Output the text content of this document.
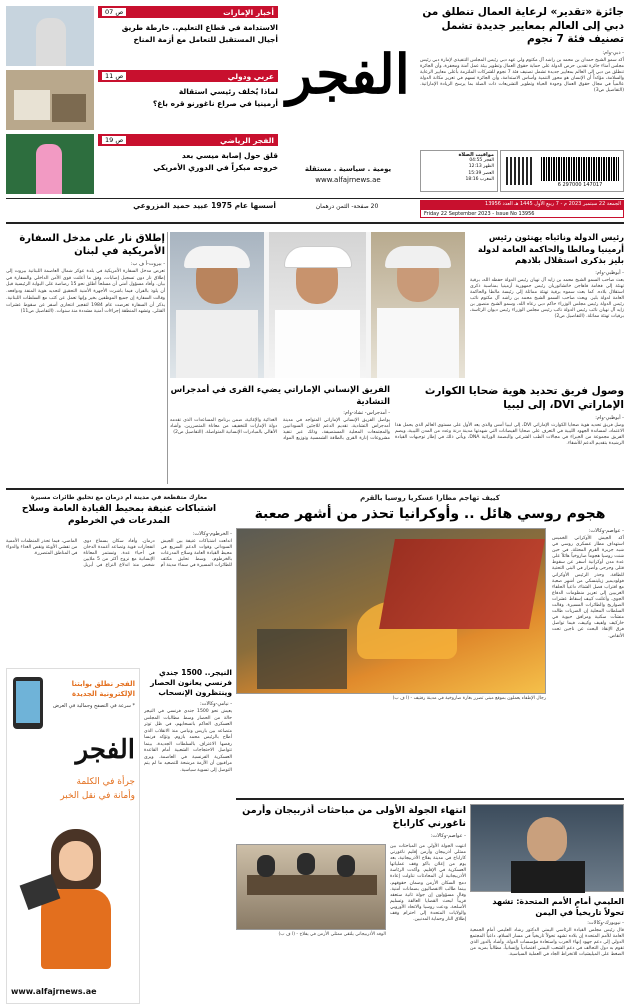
جائزة «تقدير» لرعاية العمال تنطلق من دبي إلى العالم بمعايير جديدة تشمل تصنيف فئة 7 نجوم
- دبي-وام:
أكد سمو الشيخ حمدان بن محمد بن راشد آل مكتوم ولي عهد دبي رئيس المجلس التنفيذي لإمارة دبي رئيس مجلس أمناء جائزة تقدير، حرص الدولة على حماية حقوق العمال وتطوير بيئة عمل آمنة ومحفزة، وأن الجائزة تنطلق من دبي إلى العالم بمعايير جديدة تشمل تصنيف فئة 7 نجوم للشركات الملتزمة بأعلى معايير الرعاية والسلامة، مؤكداً أن الإنسان هو محور التنمية وأساس الاستدامة، وأن الجائزة تسهم في تعزيز مكانة الدولة عالمياً في مجال حقوق العمال وجودة الحياة وتطوير التشريعات ذات الصلة بما يرسخ الريادة الإماراتية. (التفاصيل ص3)
مواقيت الصلاة
الفجر 04:55
الظهر 12:13
العصر 15:39
المغرب 18:16
6 297000 147017
الفجر
يومية . سياسية . مستقلة
www.alfajrnews.ae
أخبار الإمارات
ص 07
الاستدامة في قطاع التعليم.. خارطة طريق
أجيال المستقبل للتعامل مع أزمة المناخ
عربي ودولي
ص 11
لماذا يُخلف رئيسي استقالة
أرمينيا في صراع ناغورنو قره باغ؟
الفجر الرياضي
ص 19
قلق حول إصابة ميسي بعد
خروجه مبكراً في الدوري الأمريكي
أسسها عام 1975 عبيد حميد المزروعي	20 صفحة- الثمن درهمان	الجمعة 22 سبتمبر 2023 م - 7 ربيع الأول 1445 هـ العدد 13956
Friday 22 September 2023 - Issue No 13956
رئيس الدولة ونائباه يهنئون رئيس أرمينيا ومالطا والحاكمة العامة لدولة بليز بذكرى استقلال بلادهم
- أبوظبي-وام:
بعث صاحب السمو الشيخ محمد بن زايد آل نهيان رئيس الدولة حفظه الله، برقية تهنئة إلى فخامة فاهاجن خاتشاتوريان رئيس جمهورية أرمينيا بمناسبة ذكرى استقلال بلاده. كما بعث سموه برقية تهنئة مماثلة إلى رئيسة مالطا والحاكمة العامة لدولة بليز. وبعث صاحب السمو الشيخ محمد بن راشد آل مكتوم نائب رئيس الدولة رئيس مجلس الوزراء حاكم دبي رعاه الله، وسمو الشيخ منصور بن زايد آل نهيان نائب رئيس الدولة نائب رئيس مجلس الوزراء رئيس ديوان الرئاسة، برقيات تهنئة مماثلة. (التفاصيل ص2)
إطلاق نار على مدخل السفارة الأمريكية في لبنان
- بيروت-أ ف ب:
تعرض مدخل السفارة الأمريكية في بلدة عوكر شمال العاصمة اللبنانية بيروت إلى إطلاق نار دون تسجيل إصابات، وفق ما أعلنت قوى الأمن الداخلي والسفارة في بيان. وأفاد مسؤول أمني أن مسلحاً أطلق نحو 15 رصاصة على البوابة الرئيسية قبل أن يلوذ بالفرار، فيما باشرت الأجهزة الأمنية التحقيق لتحديد هوية المنفذ ودوافعه. وقالت السفارة إن جميع الموظفين بخير وإنها تعمل عن كثب مع السلطات اللبنانية. يذكر أن السفارة تعرضت عام 1984 لتفجير انتحاري أسفر عن سقوط عشرات القتلى. وتشهد المنطقة إجراءات أمنية مشددة منذ سنوات. (التفاصيل ص11)
وصول فريق تحديد هوية ضحايا الكوارث الإماراتي DVI، إلى ليبيا
- أبوظبي-وام:
وصل فريق تحديد هوية ضحايا الكوارث الإماراتي DVI، إلى ليبيا أمس والذي يعد الأول على مستوى العالم الذي يحمل هذا الاعتماد، لمساندة الجهود الليبية في التعرف على ضحايا الفيضانات التي شهدتها مدينة درنة وعدد من المدن الليبية، ويضم الفريق مجموعة من الخبراء في مجالات الطب الشرعي والبصمة الوراثية DNA، ويأتي ذلك في إطار توجيهات القيادة الرشيدة بتقديم الدعم للأشقاء.
الفريق الإنساني الإماراتي يضيء القرى في أمدجراس التشادية
- أمدجراس- تشاد-وام:
يواصل الفريق الإنساني الإماراتي المتواجد في مدينة أمدجراس التشادية، تقديم الدعم للاجئين السودانيين والمجتمعات المحلية المستضيفة، وذلك عبر تنفيذ مشروعات إنارة القرى بالطاقة الشمسية وتوزيع المواد الغذائية والإغاثية، ضمن برنامج المساعدات الذي تقدمه دولة الإمارات للتخفيف من معاناة المتضررين. وأشاد الأهالي بالمبادرات الإنسانية المتواصلة. (التفاصيل ص2)
كييف تهاجم مطارا عسكريا روسيا بالقرم
هجوم روسي هائل .. وأوكرانيا تحذر من أشهر صعبة
- عواصم-وكالات:
أكد الجيش الأوكراني الخميس استهداف مطار عسكري روسي في شبه جزيرة القرم المحتلة، في حين شنت روسيا هجوماً صاروخياً هائلاً على عدة مدن أوكرانية أسفر عن سقوط قتلى وجرحى وأضرار في البنى التحتية للطاقة. وحذر الرئيس الأوكراني فولوديمير زيلينسكي من أشهر صعبة مع اقتراب فصل الشتاء، داعياً الحلفاء الغربيين إلى تعزيز منظومات الدفاع الجوي. وأعلنت كييف إسقاط عشرات الصواريخ والطائرات المسيرة. وقالت السلطات المحلية إن الضربات طالت منشآت سكنية ومرافق حيوية في خاركيف ولفيف وكييف، فيما تواصل فرق الإنقاذ البحث عن ناجين تحت الأنقاض.
رجال الإطفاء يعملون بموقع مبنى تضرر بغارة صاروخية في مدينة رفتيف - (ا ف ب)
معارك متقطعة في مدينة أم درمان مع تحليق طائرات مسيرة
اشتباكات عنيفة بمحيط القيادة العامة وسلاح المدرعات في الخرطوم
- الخرطوم-وكالات:
اندلعت اشتباكات عنيفة بين الجيش السوداني وقوات الدعم السريع في محيط القيادة العامة وسلاح المدرعات بالخرطوم، وسط تحليق مكثف للطائرات المسيرة في سماء مدينة أم درمان. وأفاد سكان بسماع دوي انفجارات قوية وتصاعد أعمدة الدخان في أحياء عدة. وتستمر المعاناة الإنسانية مع نزوح أكثر من 5 ملايين شخص منذ اندلاع النزاع في أبريل الماضي، فيما تحذر المنظمات الأممية من تفشي الأوبئة ونقص الغذاء والدواء في المناطق المتضررة.
الفجر نطلق بوابتنا الإلكترونية الجديدة
* سرعة في التصفح وجمالية في العرض
الفجر
جرأة في الكلمة
وأمانة في نقل الخبر
www.alfajrnews.ae
النيجر.. 1500 جندي فرنسي يعانون الحصار وينتظرون الإنسحاب
- نيامي-وكالات:
يعيش نحو 1500 جندي فرنسي في النيجر حالة من الحصار وسط مطالبات المجلس العسكري الحاكم بانسحابهم، في ظل توتر متصاعد بين باريس ونيامي منذ الانقلاب الذي أطاح بالرئيس محمد بازوم. وتؤكد فرنسا رفضها الاعتراف بالسلطات الجديدة، بينما تتواصل الاحتجاجات الشعبية أمام القاعدة العسكرية الفرنسية في العاصمة. ويرى مراقبون أن الأزمة مرشحة للتصعيد ما لم يتم التوصل إلى تسوية سياسية.
العليمي أمام الأمم المتحدة: تشهد تحولاً تاريخياً في اليمن
- نيويورك-وكالات:
قال رئيس مجلس القيادة الرئاسي اليمني الدكتور رشاد العليمي أمام الجمعية العامة للأمم المتحدة إن بلاده تشهد تحولاً تاريخياً في مسار السلام، داعياً المجتمع الدولي إلى دعم جهود إنهاء الحرب واستعادة مؤسسات الدولة. وأشاد بالدور الذي تقوم به دول التحالف في دعم الشعب اليمني اقتصادياً وإنسانياً، مطالباً بمزيد من الضغط على الميليشيات للانخراط الجاد في العملية السياسية.
انتهاء الجولة الأولى من مباحثات أذربيجان وأرمن ناغورني كاراباخ
- عواصم-وكالات:
الوفد الأذربيجاني يلتقي ممثلي الأرمن في يفلاخ - (ا ف ب)
انتهت الجولة الأولى من المباحثات بين ممثلي أذربيجان وأرمن إقليم ناغورني كاراباخ في مدينة يفلاخ الأذربيجانية، بعد يوم من إعلان باكو وقف عملياتها العسكرية في الإقليم. وأكدت الرئاسة الأذربيجانية أن المحادثات تناولت إعادة دمج السكان الأرمن وضمان حقوقهم، بينما طالب الانفصاليون بضمانات أمنية. وقال مسؤولون إن جولة ثانية ستعقد قريباً لبحث القضايا العالقة وتسليم الأسلحة. ودعت روسيا والاتحاد الأوروبي والولايات المتحدة إلى احترام وقف إطلاق النار وحماية المدنيين.
